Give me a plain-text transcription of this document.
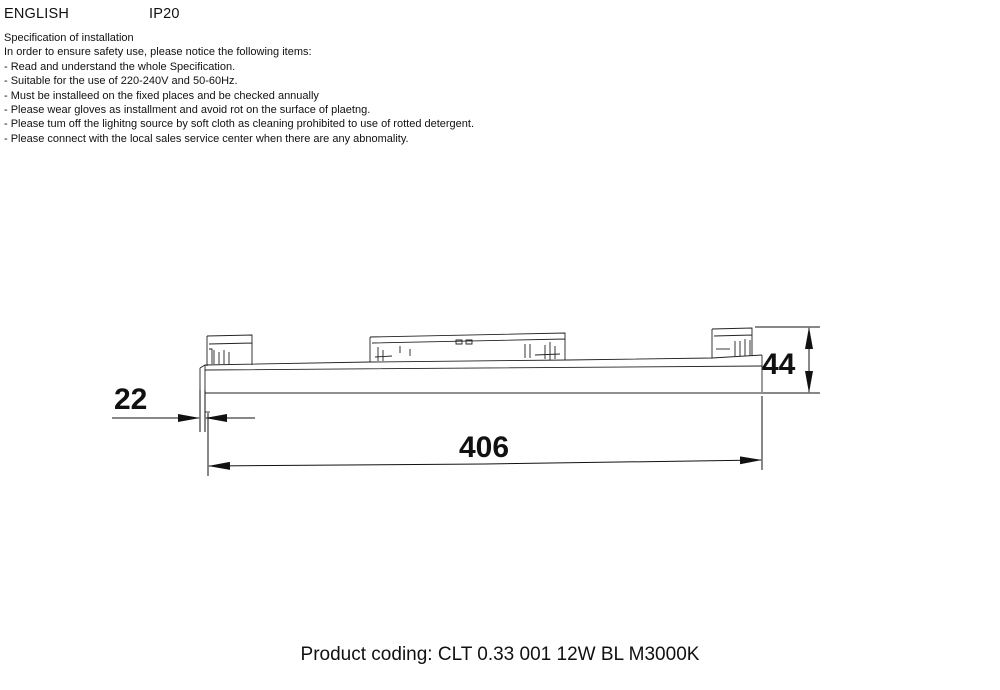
ENGLISH	IP20
Specification of installation
In order to ensure safety use, please notice the following items:
- Read and understand the whole Specification.
- Suitable for the use of 220-240V and 50-60Hz.
- Must be installeed on the fixed places and be checked annually
- Please wear gloves as installment and avoid rot on the surface of plaetng.
- Please tum off the lighitng source by soft cloth as cleaning prohibited to use of rotted detergent.
- Please connect with the local sales service center when there are any abnomality.
44
22
406
Product coding: CLT 0.33 001 12W BL M3000K
